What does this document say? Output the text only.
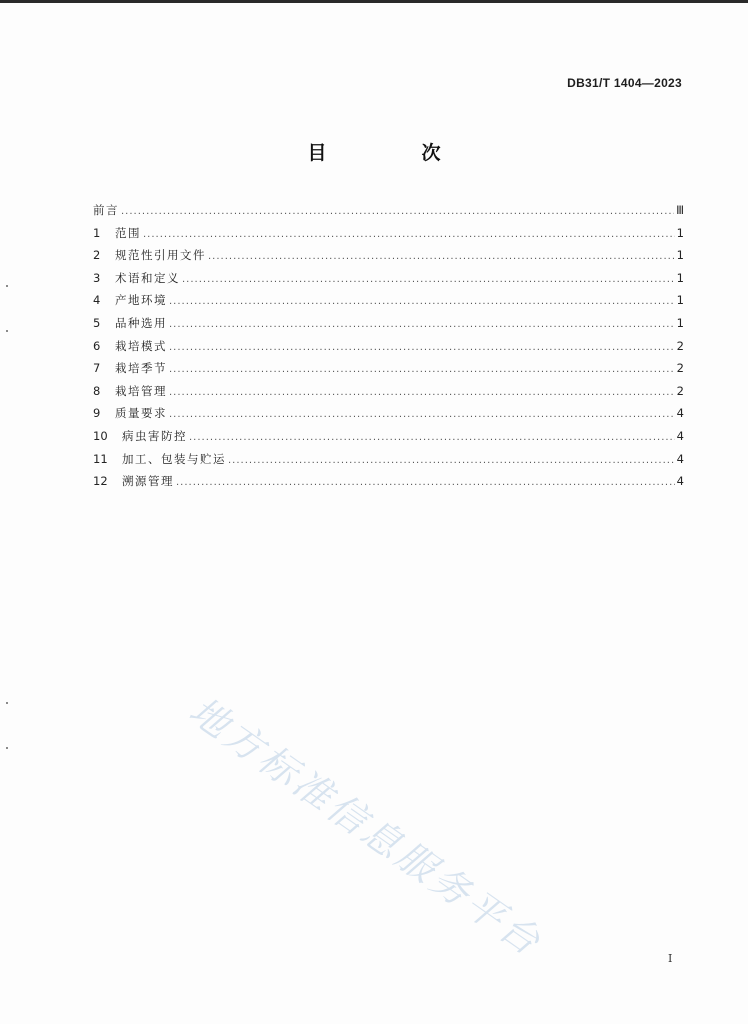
DB31/T 1404—2023
目　次
前言 .....	Ⅲ
1	范围 .....	1
2	规范性引用文件 .....	1
3	术语和定义 .....	1
4	产地环境 .....	1
5	品种选用 .....	1
6	栽培模式 .....	2
7	栽培季节 .....	2
8	栽培管理 .....	2
9	质量要求 .....	4
10	病虫害防控 .....	4
11	加工、包装与贮运 .....	4
12	溯源管理 .....	4
地方标准信息服务平台	Ⅰ
